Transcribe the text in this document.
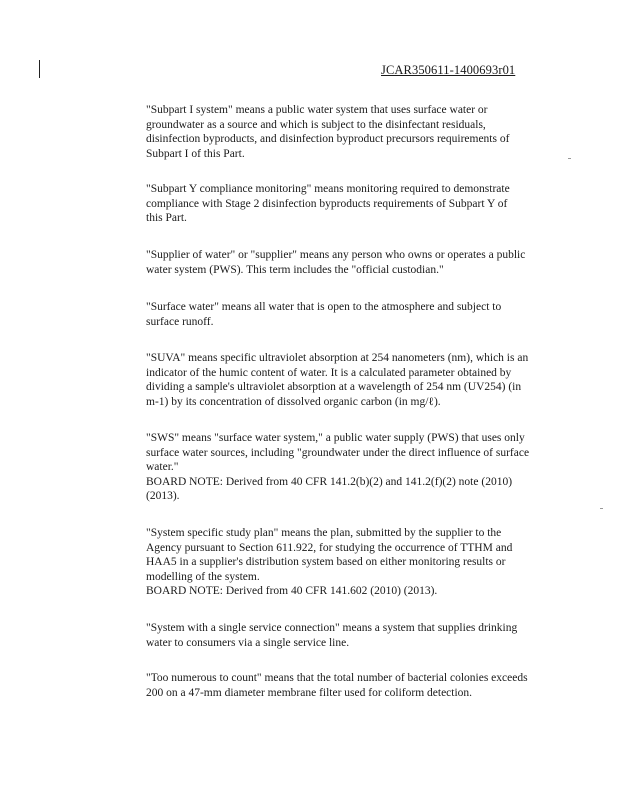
JCAR350611-1400693r01
"Subpart I system" means a public water system that uses surface water or
groundwater as a source and which is subject to the disinfectant residuals,
disinfection byproducts, and disinfection byproduct precursors requirements of
Subpart I of this Part.
"Subpart Y compliance monitoring" means monitoring required to demonstrate
compliance with Stage 2 disinfection byproducts requirements of Subpart Y of
this Part.
"Supplier of water" or "supplier" means any person who owns or operates a public
water system (PWS). This term includes the "official custodian."
"Surface water" means all water that is open to the atmosphere and subject to
surface runoff.
"SUVA" means specific ultraviolet absorption at 254 nanometers (nm), which is an
indicator of the humic content of water. It is a calculated parameter obtained by
dividing a sample's ultraviolet absorption at a wavelength of 254 nm (UV254) (in
m-1) by its concentration of dissolved organic carbon (in mg/ℓ).
"SWS" means "surface water system," a public water supply (PWS) that uses only
surface water sources, including "groundwater under the direct influence of surface
water."
BOARD NOTE: Derived from 40 CFR 141.2(b)(2) and 141.2(f)(2) note (2010)
(2013).
"System specific study plan" means the plan, submitted by the supplier to the
Agency pursuant to Section 611.922, for studying the occurrence of TTHM and
HAA5 in a supplier's distribution system based on either monitoring results or
modelling of the system.
BOARD NOTE: Derived from 40 CFR 141.602 (2010) (2013).
"System with a single service connection" means a system that supplies drinking
water to consumers via a single service line.
"Too numerous to count" means that the total number of bacterial colonies exceeds
200 on a 47-mm diameter membrane filter used for coliform detection.
